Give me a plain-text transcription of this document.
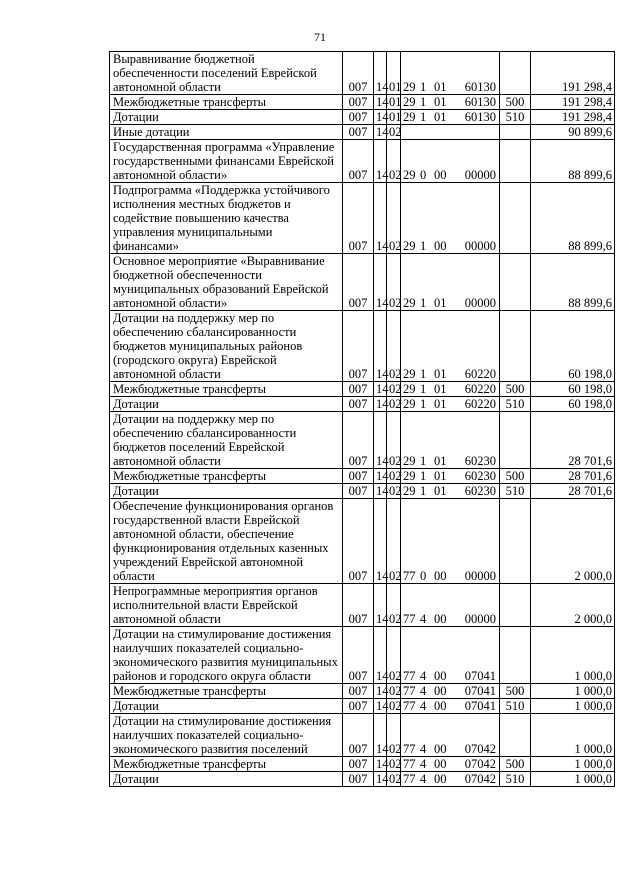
71
Выравнивание бюджетной обеспеченности поселений Еврейской автономной области	007	14	01	29 1 01 60130		191 298,4
Межбюджетные трансферты	007	14	01	29 1 01 60130	500	191 298,4
Дотации	007	14	01	29 1 01 60130	510	191 298,4
Иные дотации	007	14	02			90 899,6
Государственная программа «Управление государственными финансами Еврейской автономной области»	007	14	02	29 0 00 00000		88 899,6
Подпрограмма «Поддержка устойчивого исполнения местных бюджетов и содействие повышению качества управления муниципальными финансами»	007	14	02	29 1 00 00000		88 899,6
Основное мероприятие «Выравнивание бюджетной обеспеченности муниципальных образований Еврейской автономной области»	007	14	02	29 1 01 00000		88 899,6
Дотации на поддержку мер по обеспечению сбалансированности бюджетов муниципальных районов (городского округа) Еврейской автономной области	007	14	02	29 1 01 60220		60 198,0
Межбюджетные трансферты	007	14	02	29 1 01 60220	500	60 198,0
Дотации	007	14	02	29 1 01 60220	510	60 198,0
Дотации на поддержку мер по обеспечению сбалансированности бюджетов поселений Еврейской автономной области	007	14	02	29 1 01 60230		28 701,6
Межбюджетные трансферты	007	14	02	29 1 01 60230	500	28 701,6
Дотации	007	14	02	29 1 01 60230	510	28 701,6
Обеспечение функционирования органов государственной власти Еврейской автономной области, обеспечение функционирования отдельных казенных учреждений Еврейской автономной области	007	14	02	77 0 00 00000		2 000,0
Непрограммные мероприятия органов исполнительной власти Еврейской автономной области	007	14	02	77 4 00 00000		2 000,0
Дотации на стимулирование достижения наилучших показателей социально-экономического развития муниципальных районов и городского округа области	007	14	02	77 4 00 07041		1 000,0
Межбюджетные трансферты	007	14	02	77 4 00 07041	500	1 000,0
Дотации	007	14	02	77 4 00 07041	510	1 000,0
Дотации на стимулирование достижения наилучших показателей социально-экономического развития поселений	007	14	02	77 4 00 07042		1 000,0
Межбюджетные трансферты	007	14	02	77 4 00 07042	500	1 000,0
Дотации	007	14	02	77 4 00 07042	510	1 000,0
